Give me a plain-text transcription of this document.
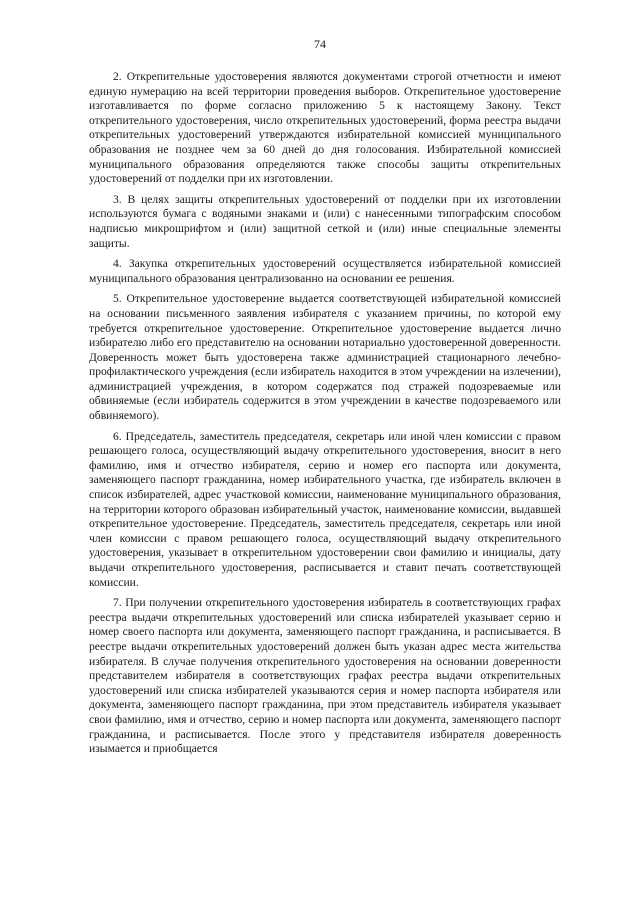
74

2. Открепительные удостоверения являются документами строгой отчетности и имеют единую нумерацию на всей территории проведения выборов. Открепительное удостоверение изготавливается по форме согласно приложению 5 к настоящему Закону. Текст открепительного удостоверения, число открепительных удостоверений, форма реестра выдачи открепительных удостоверений утверждаются избирательной комиссией муниципального образования не позднее чем за 60 дней до дня голосования. Избирательной комиссией муниципального образования определяются также способы защиты открепительных удостоверений от подделки при их изготовлении.

3. В целях защиты открепительных удостоверений от подделки при их изготовлении используются бумага с водяными знаками и (или) с нанесенными типографским способом надписью микрошрифтом и (или) защитной сеткой и (или) иные специальные элементы защиты.

4. Закупка открепительных удостоверений осуществляется избирательной комиссией муниципального образования централизованно на основании ее решения.

5. Открепительное удостоверение выдается соответствующей избирательной комиссией на основании письменного заявления избирателя с указанием причины, по которой ему требуется открепительное удостоверение. Открепительное удостоверение выдается лично избирателю либо его представителю на основании нотариально удостоверенной доверенности. Доверенность может быть удостоверена также администрацией стационарного лечебно-профилактического учреждения (если избиратель находится в этом учреждении на излечении), администрацией учреждения, в котором содержатся под стражей подозреваемые или обвиняемые (если избиратель содержится в этом учреждении в качестве подозреваемого или обвиняемого).

6. Председатель, заместитель председателя, секретарь или иной член комиссии с правом решающего голоса, осуществляющий выдачу открепительного удостоверения, вносит в него фамилию, имя и отчество избирателя, серию и номер его паспорта или документа, заменяющего паспорт гражданина, номер избирательного участка, где избиратель включен в список избирателей, адрес участковой комиссии, наименование муниципального образования, на территории которого образован избирательный участок, наименование комиссии, выдавшей открепительное удостоверение. Председатель, заместитель председателя, секретарь или иной член комиссии с правом решающего голоса, осуществляющий выдачу открепительного удостоверения, указывает в открепительном удостоверении свои фамилию и инициалы, дату выдачи открепительного удостоверения, расписывается и ставит печать соответствующей комиссии.

7. При получении открепительного удостоверения избиратель в соответствующих графах реестра выдачи открепительных удостоверений или списка избирателей указывает серию и номер своего паспорта или документа, заменяющего паспорт гражданина, и расписывается. В реестре выдачи открепительных удостоверений должен быть указан адрес места жительства избирателя. В случае получения открепительного удостоверения на основании доверенности представителем избирателя в соответствующих графах реестра выдачи открепительных удостоверений или списка избирателей указываются серия и номер паспорта избирателя или документа, заменяющего паспорт гражданина, при этом представитель избирателя указывает свои фамилию, имя и отчество, серию и номер паспорта или документа, заменяющего паспорт гражданина, и расписывается. После этого у представителя избирателя доверенность изымается и приобщается
